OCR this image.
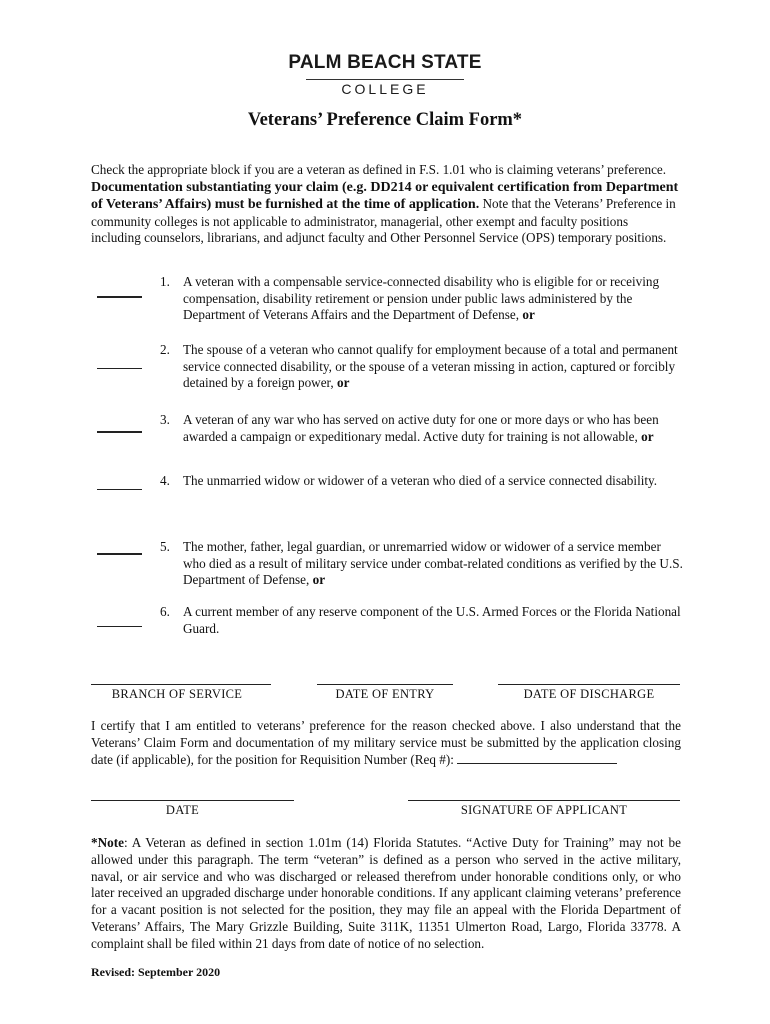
PALM BEACH STATE
COLLEGE
Veterans’ Preference Claim Form*
Check the appropriate block if you are a veteran as defined in F.S. 1.01 who is claiming veterans’ preference. Documentation substantiating your claim (e.g. DD214 or equivalent certification from Department of Veterans’ Affairs) must be furnished at the time of application. Note that the Veterans’ Preference in community colleges is not applicable to administrator, managerial, other exempt and faculty positions including counselors, librarians, and adjunct faculty and Other Personnel Service (OPS) temporary positions.
1. A veteran with a compensable service-connected disability who is eligible for or receiving compensation, disability retirement or pension under public laws administered by the Department of Veterans Affairs and the Department of Defense, or
2. The spouse of a veteran who cannot qualify for employment because of a total and permanent service connected disability, or the spouse of a veteran missing in action, captured or forcibly detained by a foreign power, or
3. A veteran of any war who has served on active duty for one or more days or who has been awarded a campaign or expeditionary medal. Active duty for training is not allowable, or
4. The unmarried widow or widower of a veteran who died of a service connected disability.
5. The mother, father, legal guardian, or unremarried widow or widower of a service member who died as a result of military service under combat-related conditions as verified by the U.S. Department of Defense, or
6. A current member of any reserve component of the U.S. Armed Forces or the Florida National Guard.
BRANCH OF SERVICE	DATE OF ENTRY	DATE OF DISCHARGE
I certify that I am entitled to veterans’ preference for the reason checked above. I also understand that the Veterans’ Claim Form and documentation of my military service must be submitted by the application closing date (if applicable), for the position for Requisition Number (Req #):
DATE	SIGNATURE OF APPLICANT
*Note: A Veteran as defined in section 1.01m (14) Florida Statutes. “Active Duty for Training” may not be allowed under this paragraph. The term “veteran” is defined as a person who served in the active military, naval, or air service and who was discharged or released therefrom under honorable conditions only, or who later received an upgraded discharge under honorable conditions. If any applicant claiming veterans’ preference for a vacant position is not selected for the position, they may file an appeal with the Florida Department of Veterans’ Affairs, The Mary Grizzle Building, Suite 311K, 11351 Ulmerton Road, Largo, Florida 33778. A complaint shall be filed within 21 days from date of notice of no selection.
Revised: September 2020
